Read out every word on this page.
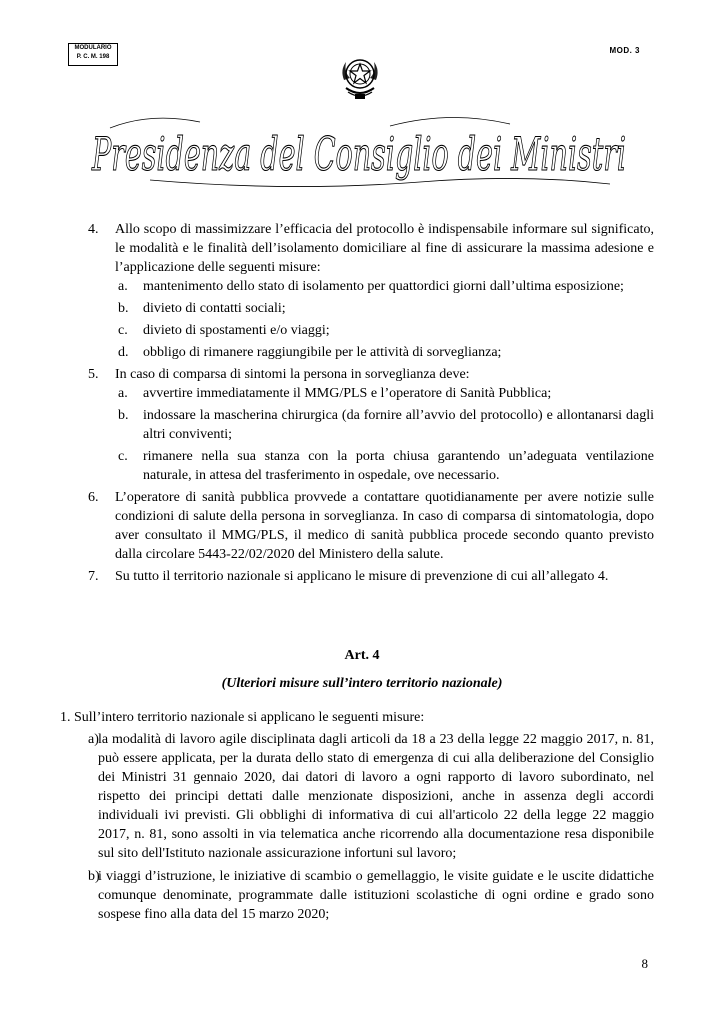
MODULARIO
P. C. M. 198
MOD. 3
Presidenza del Consiglio dei Ministri
4. Allo scopo di massimizzare l’efficacia del protocollo è indispensabile informare sul significato, le modalità e le finalità dell’isolamento domiciliare al fine di assicurare la massima adesione e l’applicazione delle seguenti misure:
a. mantenimento dello stato di isolamento per quattordici giorni dall’ultima esposizione;
b. divieto di contatti sociali;
c. divieto di spostamenti e/o viaggi;
d. obbligo di rimanere raggiungibile per le attività di sorveglianza;
5. In caso di comparsa di sintomi la persona in sorveglianza deve:
a. avvertire immediatamente il MMG/PLS e l’operatore di Sanità Pubblica;
b. indossare la mascherina chirurgica (da fornire all’avvio del protocollo) e allontanarsi dagli altri conviventi;
c. rimanere nella sua stanza con la porta chiusa garantendo un’adeguata ventilazione naturale, in attesa del trasferimento in ospedale, ove necessario.
6. L’operatore di sanità pubblica provvede a contattare quotidianamente per avere notizie sulle condizioni di salute della persona in sorveglianza. In caso di comparsa di sintomatologia, dopo aver consultato il MMG/PLS, il medico di sanità pubblica procede secondo quanto previsto dalla circolare 5443-22/02/2020 del Ministero della salute.
7. Su tutto il territorio nazionale si applicano le misure di prevenzione di cui all’allegato 4.
Art. 4
(Ulteriori misure sull’intero territorio nazionale)
1. Sull’intero territorio nazionale si applicano le seguenti misure:
a) la modalità di lavoro agile disciplinata dagli articoli da 18 a 23 della legge 22 maggio 2017, n. 81, può essere applicata, per la durata dello stato di emergenza di cui alla deliberazione del Consiglio dei Ministri 31 gennaio 2020, dai datori di lavoro a ogni rapporto di lavoro subordinato, nel rispetto dei principi dettati dalle menzionate disposizioni, anche in assenza degli accordi individuali ivi previsti. Gli obblighi di informativa di cui all'articolo 22 della legge 22 maggio 2017, n. 81, sono assolti in via telematica anche ricorrendo alla documentazione resa disponibile sul sito dell'Istituto nazionale assicurazione infortuni sul lavoro;
b)
i viaggi d’istruzione, le iniziative di scambio o gemellaggio, le visite guidate e le uscite didattiche comunque denominate, programmate dalle istituzioni scolastiche di ogni ordine e grado sono sospese fino alla data del 15 marzo 2020;
8
